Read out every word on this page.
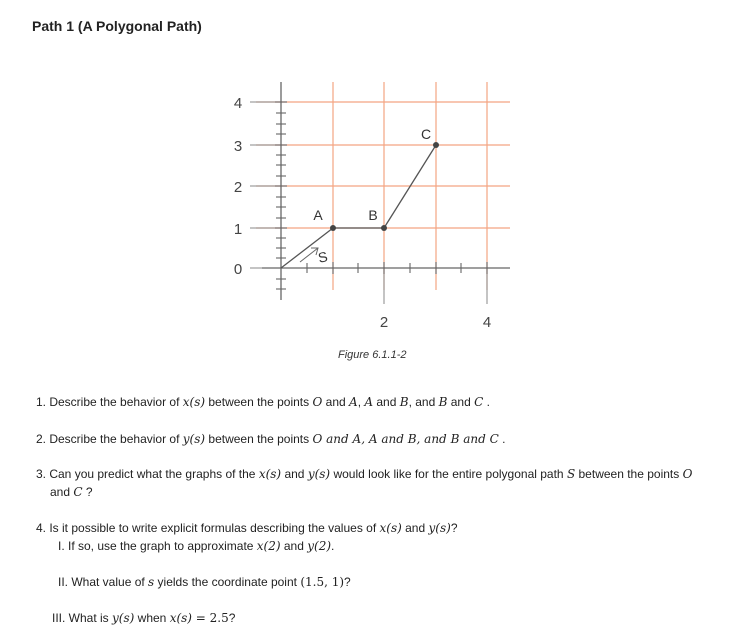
Path 1 (A Polygonal Path)
4
3
2
1
0
2	4
A	B
C
S
Figure 6.1.1-2
1. Describe the behavior of x(s) between the points O and A, A and B, and B and C .
2. Describe the behavior of y(s) between the points O and A, A and B, and B and C .
3. Can you predict what the graphs of the x(s) and y(s) would look like for the entire polygonal path S between the points O
and C ?
4. Is it possible to write explicit formulas describing the values of x(s) and y(s)?
I. If so, use the graph to approximate x(2) and y(2).
II. What value of s yields the coordinate point (1.5, 1)?
III. What is y(s) when x(s) = 2.5?
